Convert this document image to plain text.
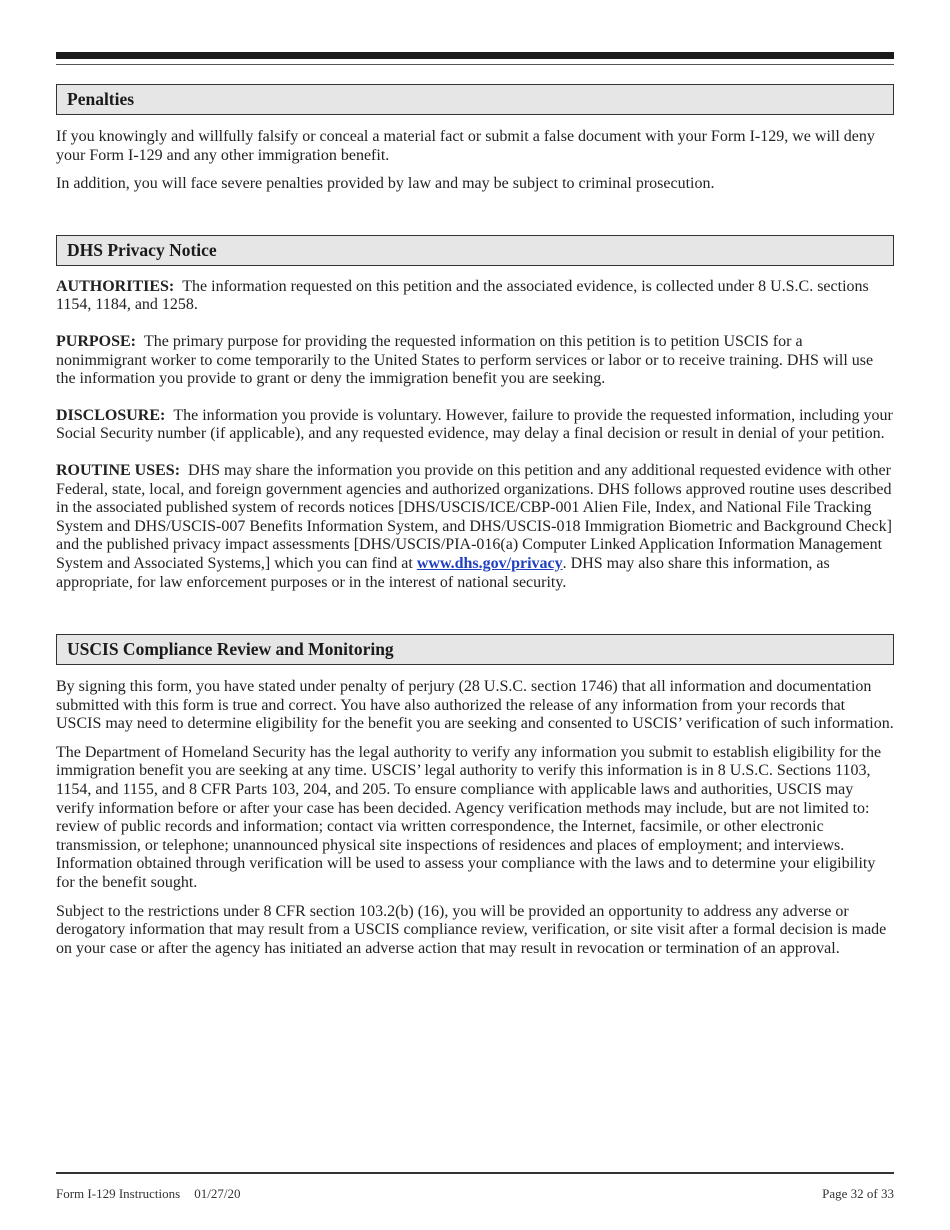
Penalties

If you knowingly and willfully falsify or conceal a material fact or submit a false document with your Form I-129, we will deny your Form I-129 and any other immigration benefit.

In addition, you will face severe penalties provided by law and may be subject to criminal prosecution.

DHS Privacy Notice

AUTHORITIES: The information requested on this petition and the associated evidence, is collected under 8 U.S.C. sections 1154, 1184, and 1258.

PURPOSE: The primary purpose for providing the requested information on this petition is to petition USCIS for a nonimmigrant worker to come temporarily to the United States to perform services or labor or to receive training. DHS will use the information you provide to grant or deny the immigration benefit you are seeking.

DISCLOSURE: The information you provide is voluntary. However, failure to provide the requested information, including your Social Security number (if applicable), and any requested evidence, may delay a final decision or result in denial of your petition.

ROUTINE USES: DHS may share the information you provide on this petition and any additional requested evidence with other Federal, state, local, and foreign government agencies and authorized organizations. DHS follows approved routine uses described in the associated published system of records notices [DHS/USCIS/ICE/CBP-001 Alien File, Index, and National File Tracking System and DHS/USCIS-007 Benefits Information System, and DHS/USCIS-018 Immigration Biometric and Background Check] and the published privacy impact assessments [DHS/USCIS/PIA-016(a) Computer Linked Application Information Management System and Associated Systems,] which you can find at www.dhs.gov/privacy. DHS may also share this information, as appropriate, for law enforcement purposes or in the interest of national security.

USCIS Compliance Review and Monitoring

By signing this form, you have stated under penalty of perjury (28 U.S.C. section 1746) that all information and documentation submitted with this form is true and correct. You have also authorized the release of any information from your records that USCIS may need to determine eligibility for the benefit you are seeking and consented to USCIS’ verification of such information.

The Department of Homeland Security has the legal authority to verify any information you submit to establish eligibility for the immigration benefit you are seeking at any time. USCIS’ legal authority to verify this information is in 8 U.S.C. Sections 1103, 1154, and 1155, and 8 CFR Parts 103, 204, and 205. To ensure compliance with applicable laws and authorities, USCIS may verify information before or after your case has been decided. Agency verification methods may include, but are not limited to: review of public records and information; contact via written correspondence, the Internet, facsimile, or other electronic transmission, or telephone; unannounced physical site inspections of residences and places of employment; and interviews. Information obtained through verification will be used to assess your compliance with the laws and to determine your eligibility for the benefit sought.

Subject to the restrictions under 8 CFR section 103.2(b) (16), you will be provided an opportunity to address any adverse or derogatory information that may result from a USCIS compliance review, verification, or site visit after a formal decision is made on your case or after the agency has initiated an adverse action that may result in revocation or termination of an approval.

Form I-129 Instructions 01/27/20	Page 32 of 33
